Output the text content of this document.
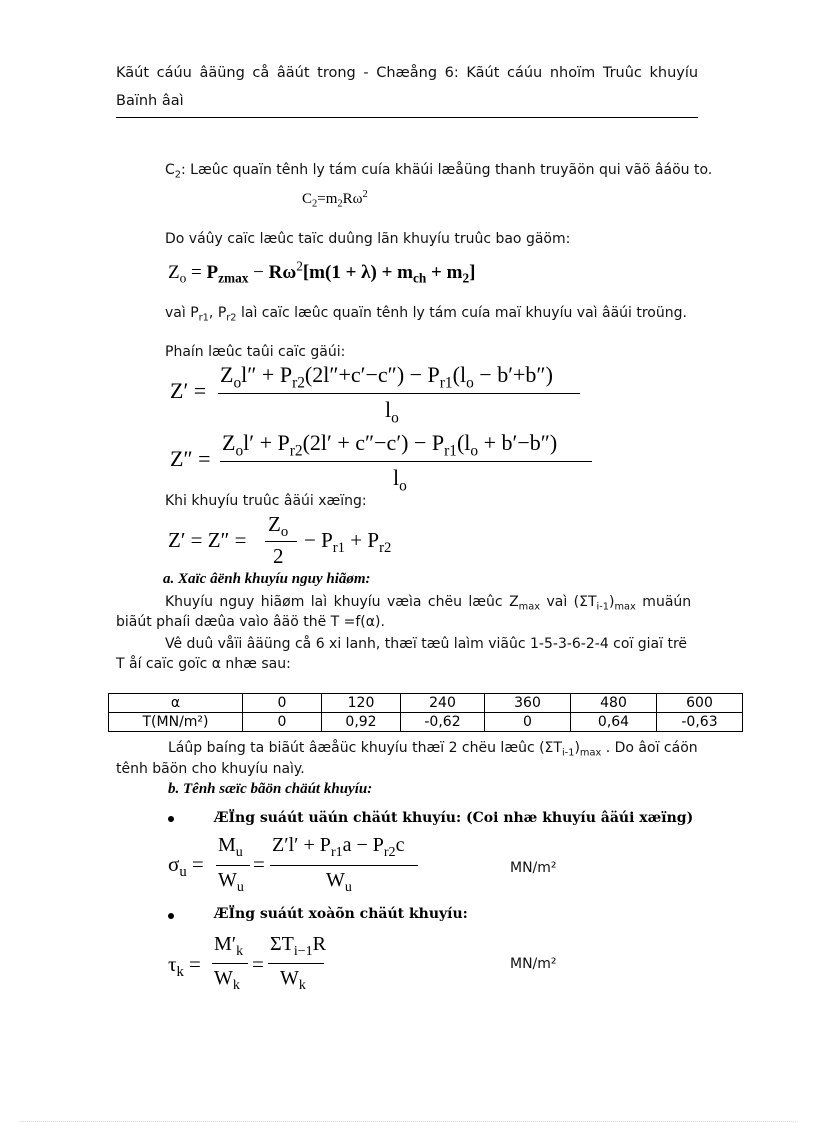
Kãút cáúu âäüng cå âäút trong - Chæång 6: Kãút cáúu nhoïm Truûc khuyíu
Baïnh âaì
$C_2$: Læûc quaïn tênh ly tám cuía khäúi læåüng thanh truyãön qui vãö âáöu to.
$C_2=m_2R\omega^2$
Do váûy caïc læûc taïc duûng lãn khuyíu truûc bao gäöm:
$Z_o = P_{zmax} - R\omega^2[m(1 + \lambda) + m_{ch} + m_2]$
vaì $P_{r1}$, $P_{r2}$ laì caïc læûc quaïn tênh ly tám cuía maï khuyíu vaì âäúi troüng.
Phaín læûc taûi caïc gäúi:
Z′ =
$Z_ol'' + P_{r2}(2l''+c'-c'') - P_{r1}(l_o - b'+b'')$
$l_o$
Z″ =
$Z_ol' + P_{r2}(2l' + c''-c') - P_{r1}(l_o + b'-b'')$
$l_o$
Khi khuyíu truûc âäúi xæïng:
Z′ = Z″ =
$Z_o$
2
− $P_{r1} + P_{r2}$
a. Xaïc âënh khuyíu nguy hiãøm:
Khuyíu nguy hiãøm laì khuyíu væìa chëu læûc $Z_{max}$ vaì $(\Sigma T_{i-1})_{max}$ muäún
biãút phaíi dæûa vaìo âäö thë T =f(α).
Vê duû våïi âäüng cå 6 xi lanh, thæï tæû laìm viãûc 1-5-3-6-2-4 coï giaï trë
T åí caïc goïc α nhæ sau:
α	0	120	240	360	480	600
T(MN/m²)	0	0,92	-0,62	0	0,64	-0,63
Láûp baíng ta biãút âæåüc khuyíu thæï 2 chëu læûc $(\Sigma T_{i-1})_{max}$ . Do âoï cáön
tênh bãön cho khuyíu naìy.
b. Tênh sæïc bãön chäút khuyíu:
ÆÏng suáút uäún chäút khuyíu: (Coi nhæ khuyíu âäúi xæïng)
$\sigma_u$ =
$M_u$
$W_u$
=
$Z'l' + P_{r1}a - P_{r2}c$
$W_u$
MN/m²
ÆÏng suáút xoàõn chäút khuyíu:
$\tau_k$ =
$M'_k$
$W_k$
=
$\Sigma T_{i-1}R$
$W_k$
MN/m²
